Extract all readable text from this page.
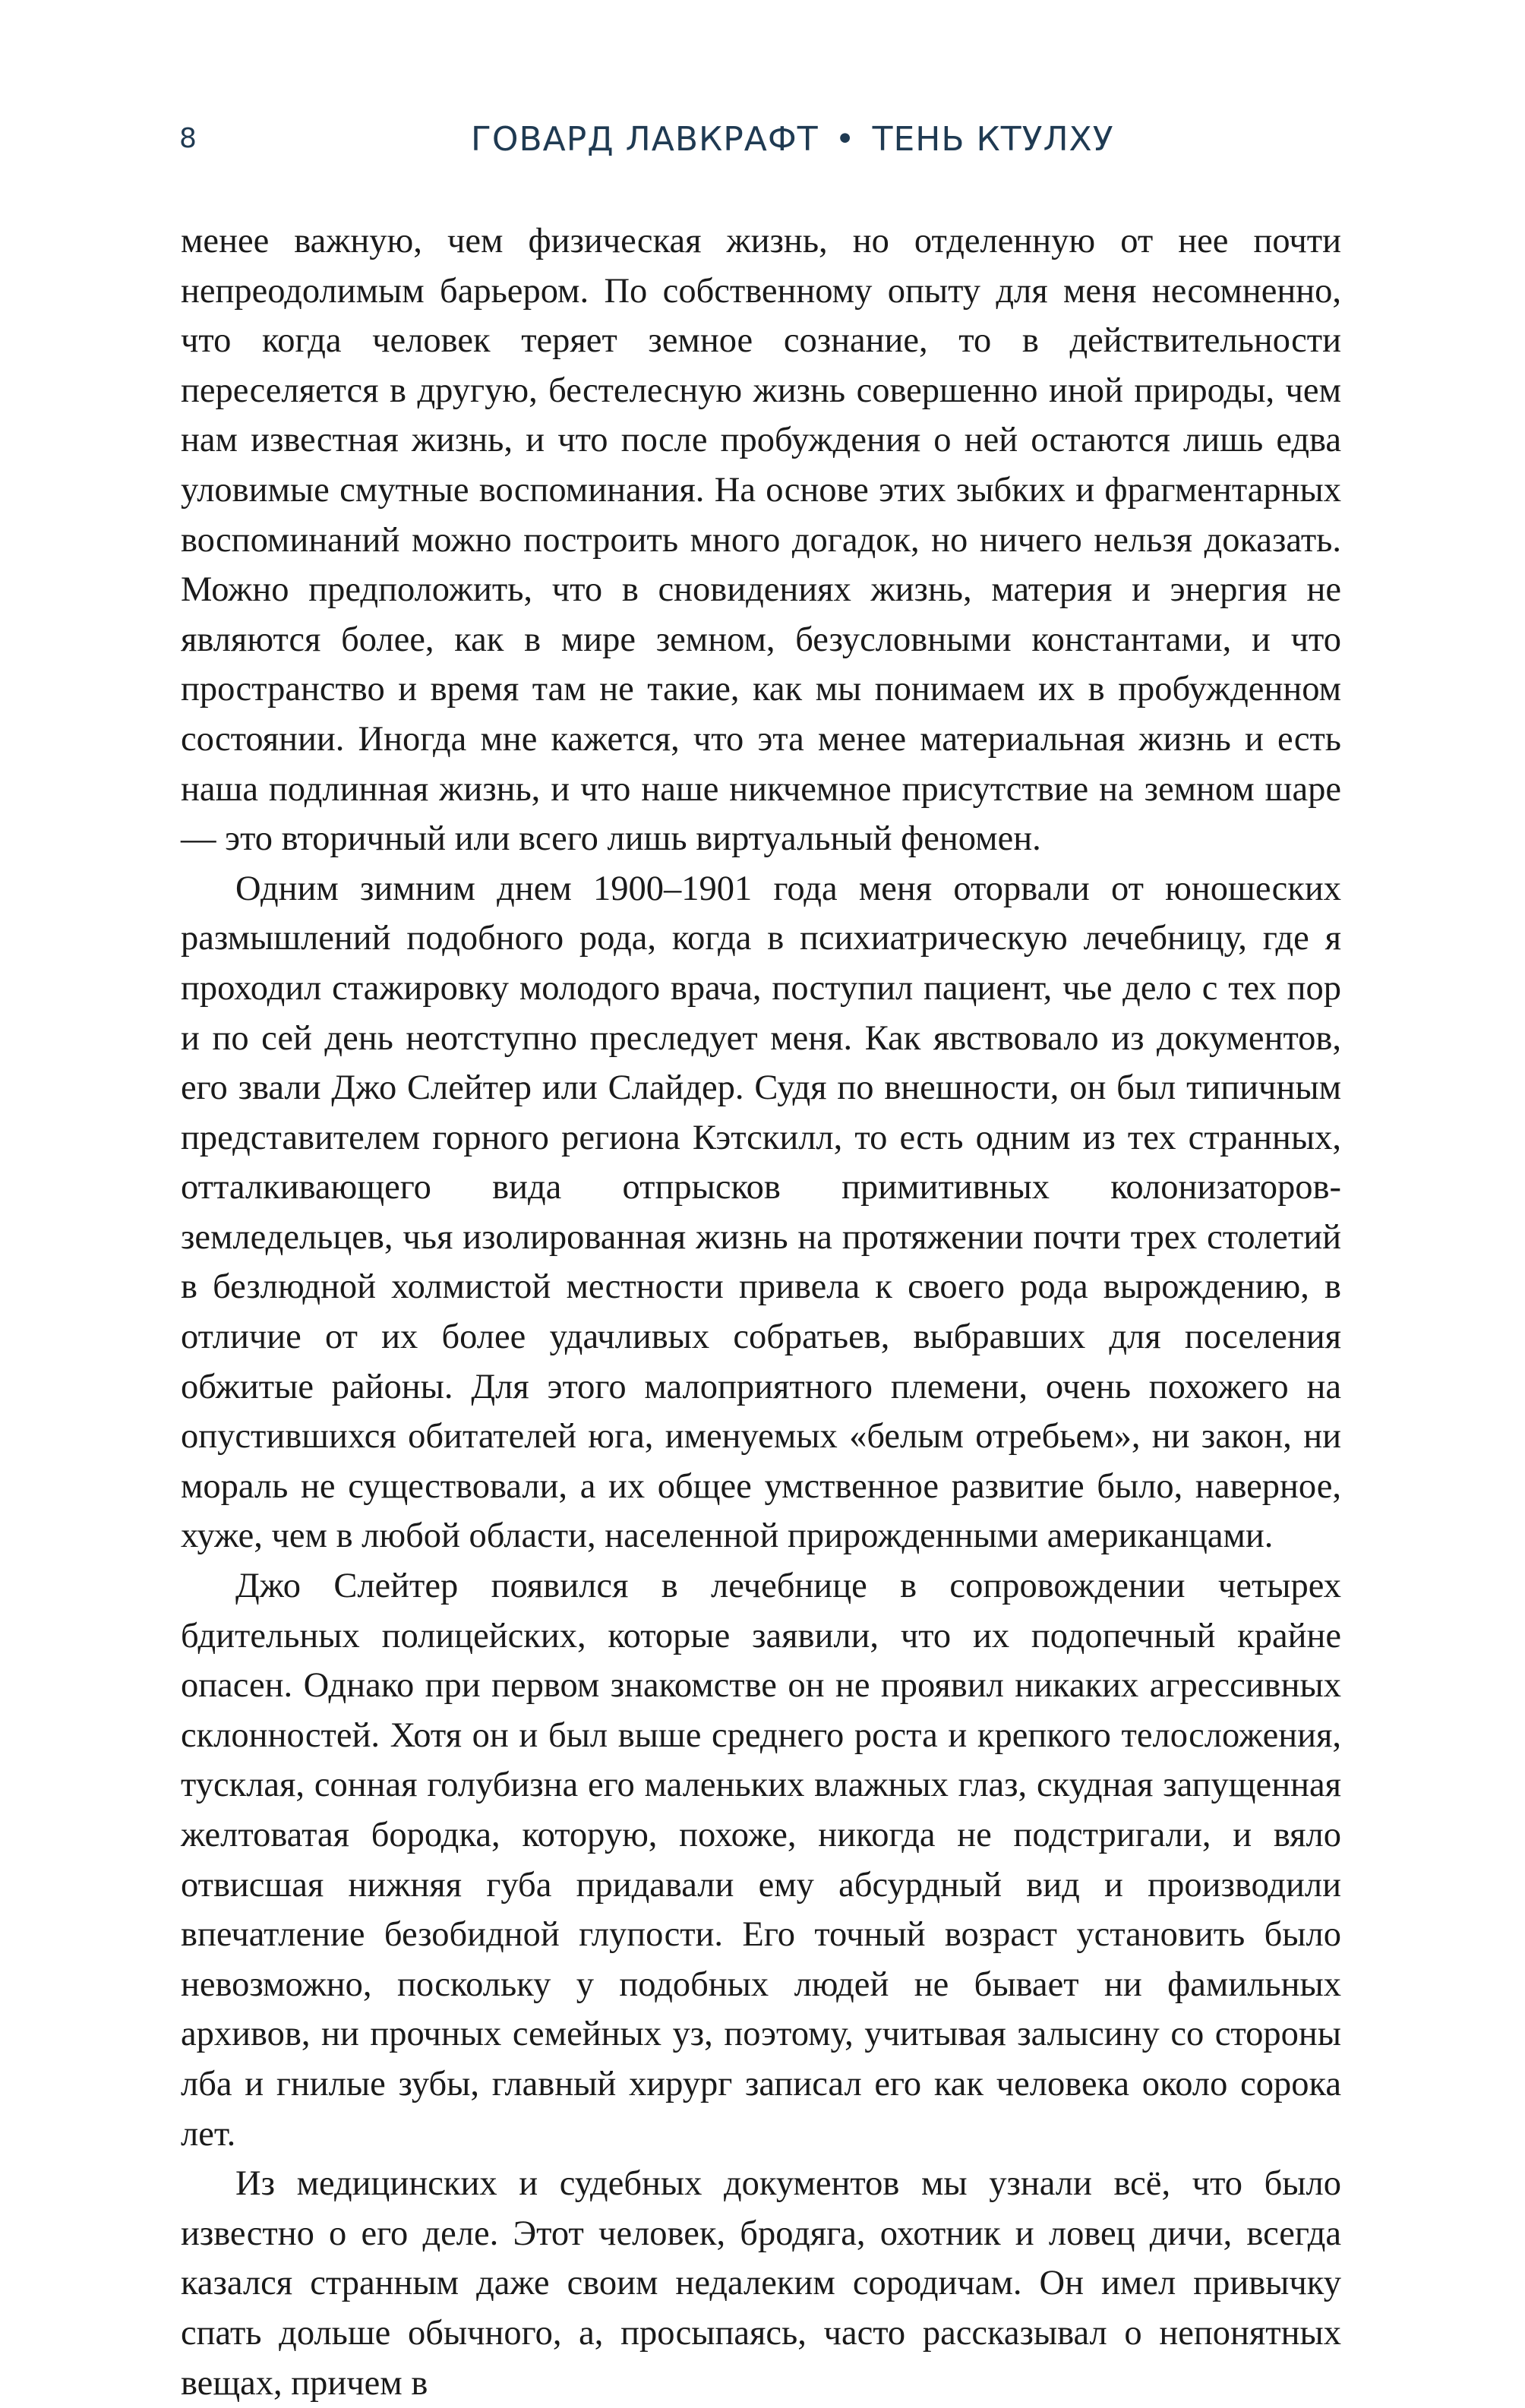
8	ГОВАРД ЛАВКРАФТ • ТЕНЬ КТУЛХУ

менее важную, чем физическая жизнь, но отделенную от нее почти непреодолимым барьером. По собственному опыту для меня несомненно, что когда человек теряет земное сознание, то в действительности переселяется в другую, бестелесную жизнь совершенно иной природы, чем нам известная жизнь, и что после пробуждения о ней остаются лишь едва уловимые смутные воспоминания. На основе этих зыбких и фрагментарных воспоминаний можно построить много догадок, но ничего нельзя доказать. Можно предположить, что в сновидениях жизнь, материя и энергия не являются более, как в мире земном, безусловными константами, и что пространство и время там не такие, как мы понимаем их в пробужденном состоянии. Иногда мне кажется, что эта менее материальная жизнь и есть наша подлинная жизнь, и что наше никчемное присутствие на земном шаре — это вторичный или всего лишь виртуальный феномен.

Одним зимним днем 1900–1901 года меня оторвали от юношеских размышлений подобного рода, когда в психиатрическую лечебницу, где я проходил стажировку молодого врача, поступил пациент, чье дело с тех пор и по сей день неотступно преследует меня. Как явствовало из документов, его звали Джо Слейтер или Слайдер. Судя по внешности, он был типичным представителем горного региона Кэтскилл, то есть одним из тех странных, отталкивающего вида отпрысков примитивных колонизаторов-земледельцев, чья изолированная жизнь на протяжении почти трех столетий в безлюдной холмистой местности привела к своего рода вырождению, в отличие от их более удачливых собратьев, выбравших для поселения обжитые районы. Для этого малоприятного племени, очень похожего на опустившихся обитателей юга, именуемых «белым отребьем», ни закон, ни мораль не существовали, а их общее умственное развитие было, наверное, хуже, чем в любой области, населенной прирожденными американцами.

Джо Слейтер появился в лечебнице в сопровождении четырех бдительных полицейских, которые заявили, что их подопечный крайне опасен. Однако при первом знакомстве он не проявил никаких агрессивных склонностей. Хотя он и был выше среднего роста и крепкого телосложения, тусклая, сонная голубизна его маленьких влажных глаз, скудная запущенная желтоватая бородка, которую, похоже, никогда не подстригали, и вяло отвисшая нижняя губа придавали ему абсурдный вид и производили впечатление безобидной глупости. Его точный возраст установить было невозможно, поскольку у подобных людей не бывает ни фамильных архивов, ни прочных семейных уз, поэтому, учитывая залысину со стороны лба и гнилые зубы, главный хирург записал его как человека около сорока лет.

Из медицинских и судебных документов мы узнали всё, что было известно о его деле. Этот человек, бродяга, охотник и ловец дичи, всегда казался странным даже своим недалеким сородичам. Он имел привычку спать дольше обычного, а, просыпаясь, часто рассказывал о непонятных вещах, причем в
